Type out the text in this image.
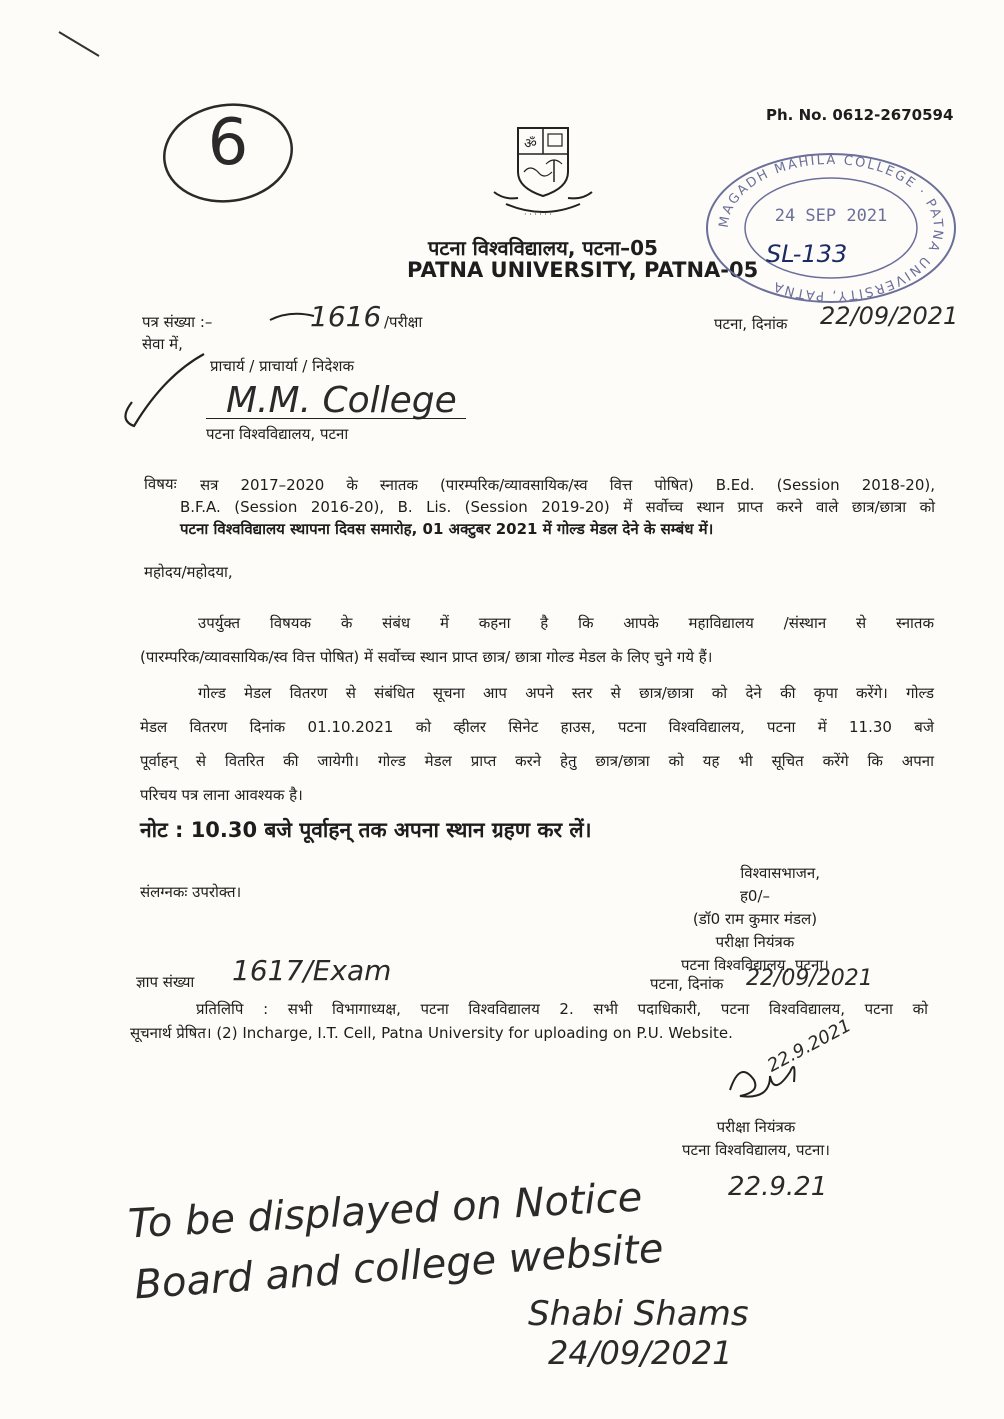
6	Ph. No. 0612-2670594
ॐ
· · · · · ·
पटना विश्वविद्यालय, पटना–05
PATNA UNIVERSITY, PATNA-05
MAGADH MAHILA COLLEGE · PATNA UNIVERSITY, PATNA
24 SEP 2021
SL-133
पत्र संख्या :–	1616 /परीक्षा	पटना, दिनांक 22/09/2021
सेवा में,
प्राचार्य / प्राचार्या / निदेशक
M.M. College
पटना विश्वविद्यालय, पटना
विषयः सत्र 2017–2020 के स्नातक (पारम्परिक/व्यावसायिक/स्व वित्त पोषित) B.Ed. (Session 2018-20),
B.F.A. (Session 2016-20), B. Lis. (Session 2019-20) में सर्वोच्च स्थान प्राप्त करने वाले छात्र/छात्रा को
पटना विश्वविद्यालय स्थापना दिवस समारोह, 01 अक्टुबर 2021 में गोल्ड मेडल देने के सम्बंध में।
महोदय/महोदया,
उपर्युक्त विषयक के संबंध में कहना है कि आपके महाविद्यालय /संस्थान से स्नातक
(पारम्परिक/व्यावसायिक/स्व वित्त पोषित) में सर्वोच्च स्थान प्राप्त छात्र/ छात्रा गोल्ड मेडल के लिए चुने गये हैं।
गोल्ड मेडल वितरण से संबंधित सूचना आप अपने स्तर से छात्र/छात्रा को देने की कृपा करेंगे। गोल्ड
मेडल वितरण दिनांक 01.10.2021 को व्हीलर सिनेट हाउस, पटना विश्वविद्यालय, पटना में 11.30 बजे
पूर्वाहन् से वितरित की जायेगी। गोल्ड मेडल प्राप्त करने हेतु छात्र/छात्रा को यह भी सूचित करेंगे कि अपना
परिचय पत्र लाना आवश्यक है।
नोट : 10.30 बजे पूर्वाहन् तक अपना स्थान ग्रहण कर लें।
विश्वासभाजन,
ह0/–
(डॉ0 राम कुमार मंडल)
परीक्षा नियंत्रक
पटना विश्वविद्यालय, पटना।
संलग्नकः उपरोक्त।
ज्ञाप संख्या 1617/Exam	पटना, दिनांक 22/09/2021
प्रतिलिपि : सभी विभागाध्यक्ष, पटना विश्वविद्यालय 2. सभी पदाधिकारी, पटना विश्वविद्यालय, पटना को
सूचनार्थ प्रेषित। (2) Incharge, I.T. Cell, Patna University for uploading on P.U. Website.	22.9.2021
परीक्षा नियंत्रक
पटना विश्वविद्यालय, पटना।
22.9.21
To be displayed on Notice
Board and college website
Shabi Shams
24/09/2021
